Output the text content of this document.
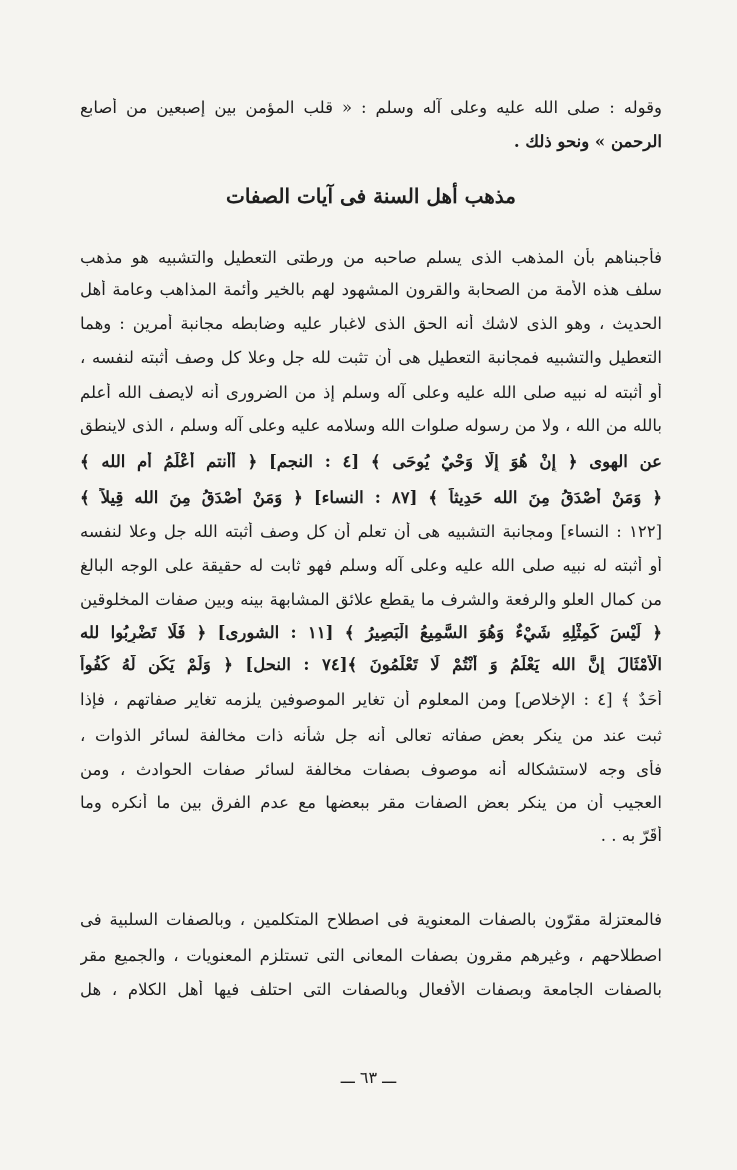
وقوله : صلى الله عليه وعلى آله وسلم : « قلب المؤمن بين إصبعين من أصابع
الرحمن » ونحو ذلك .
مذهب أهل السنة فى آيات الصفات
فأجبناهم بأن المذهب الذى يسلم صاحبه من ورطتى التعطيل والتشبيه هو مذهب
سلف هذه الأمة من الصحابة والقرون المشهود لهم بالخير وأئمة المذاهب وعامة أهل
الحديث ، وهو الذى لاشك أنه الحق الذى لاغبار عليه وضابطه مجانبة أمرين : وهما
التعطيل والتشبيه فمجانبة التعطيل هى أن تثبت لله جل وعلا كل وصف أثبته لنفسه ،
أو أثبته له نبيه صلى الله عليه وعلى آله وسلم إذ من الضرورى أنه لايصف الله أعلم
بالله من الله ، ولا من رسوله صلوات الله وسلامه عليه وعلى آله وسلم ، الذى لاينطق
عن الهوى ﴿ إِنْ هُوَ إِلَّا وَحْيٌ يُوحَى ﴾ [٤ : النجم] ﴿ أَأَنتم أَعْلَمُ أَمِ الله ﴾
﴿ وَمَنْ أَصْدَقُ مِنَ الله حَدِيثاً ﴾ [٨٧ : النساء] ﴿ وَمَنْ أَصْدَقُ مِنَ الله قِيلاً ﴾
[١٢٢ : النساء] ومجانبة التشبيه هى أن تعلم أن كل وصف أثبته الله جل وعلا لنفسه
أو أثبته له نبيه صلى الله عليه وعلى آله وسلم فهو ثابت له حقيقة على الوجه البالغ
من كمال العلو والرفعة والشرف ما يقطع علائق المشابهة بينه وبين صفات المخلوقين
﴿ لَيْسَ كَمِثْلِهِ شَيْءٌ وَهُوَ السَّمِيعُ الْبَصِيرُ ﴾ [١١ : الشورى] ﴿ فَلَا تَضْرِبُوا لله
الْأَمْثَالَ إِنَّ الله يَعْلَمُ وَ أَنْتُمْ لَا تَعْلَمُونَ ﴾[٧٤ : النحل] ﴿ وَلَمْ يَكُن لَّهُ كُفُواً
أَحَدٌ ﴾ [٤ : الإخلاص] ومن المعلوم أن تغاير الموصوفين يلزمه تغاير صفاتهم ، فإذا
ثبت عند من ينكر بعض صفاته تعالى أنه جل شأنه ذات مخالفة لسائر الذوات ،
فأى وجه لاستشكاله أنه موصوف بصفات مخالفة لسائر صفات الحوادث ، ومن
العجيب أن من ينكر بعض الصفات مقر ببعضها مع عدم الفرق بين ما أنكره وما
أقَرّ به . .
فالمعتزلة مقرّون بالصفات المعنوية فى اصطلاح المتكلمين ، وبالصفات السلبية فى
اصطلاحهم ، وغيرهم مقرون بصفات المعانى التى تستلزم المعنويات ، والجميع مقر
بالصفات الجامعة وبصفات الأفعال وبالصفات التى احتلف فيها أهل الكلام ، هل
ـــ ٦٣ ـــ
